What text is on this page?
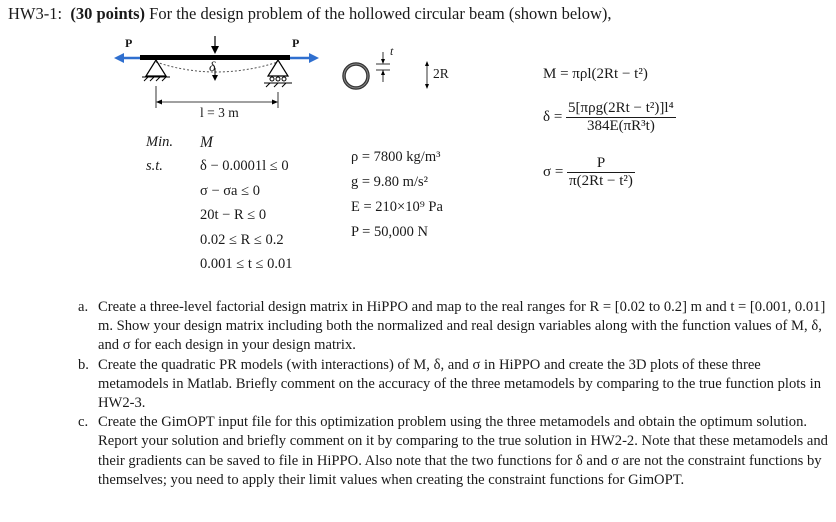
HW3-1: (30 points) For the design problem of the hollowed circular beam (shown below),
P	P
δ
l = 3 m
t
2R
Min. M
s.t.	δ − 0.0001l ≤ 0
σ − σa ≤ 0
20t − R ≤ 0
0.02 ≤ R ≤ 0.2
0.001 ≤ t ≤ 0.01
ρ = 7800 kg/m³
g = 9.80 m/s²
E = 210×10⁹ Pa
P = 50,000 N
M = πρl(2Rt − t²)
$\delta = \frac{\text{5[πρg(2Rt − t²)]l⁴}}{\text{384E(πR³t)}}$
$\sigma = \frac{P}{\text{π(2Rt − t²)}}$
a. Create a three-level factorial design matrix in HiPPO and map to the real ranges for R = [0.02 to 0.2] m and t = [0.001, 0.01] m. Show your design matrix including both the normalized and real design variables along with the function values of M, δ, and σ for each design in your design matrix.
b. Create the quadratic PR models (with interactions) of M, δ, and σ in HiPPO and create the 3D plots of these three metamodels in Matlab. Briefly comment on the accuracy of the three metamodels by comparing to the true function plots in HW2-3.
c. Create the GimOPT input file for this optimization problem using the three metamodels and obtain the optimum solution. Report your solution and briefly comment on it by comparing to the true solution in HW2-2. Note that these metamodels and their gradients can be saved to file in HiPPO. Also note that the two functions for δ and σ are not the constraint functions by themselves; you need to apply their limit values when creating the constraint functions for GimOPT.
